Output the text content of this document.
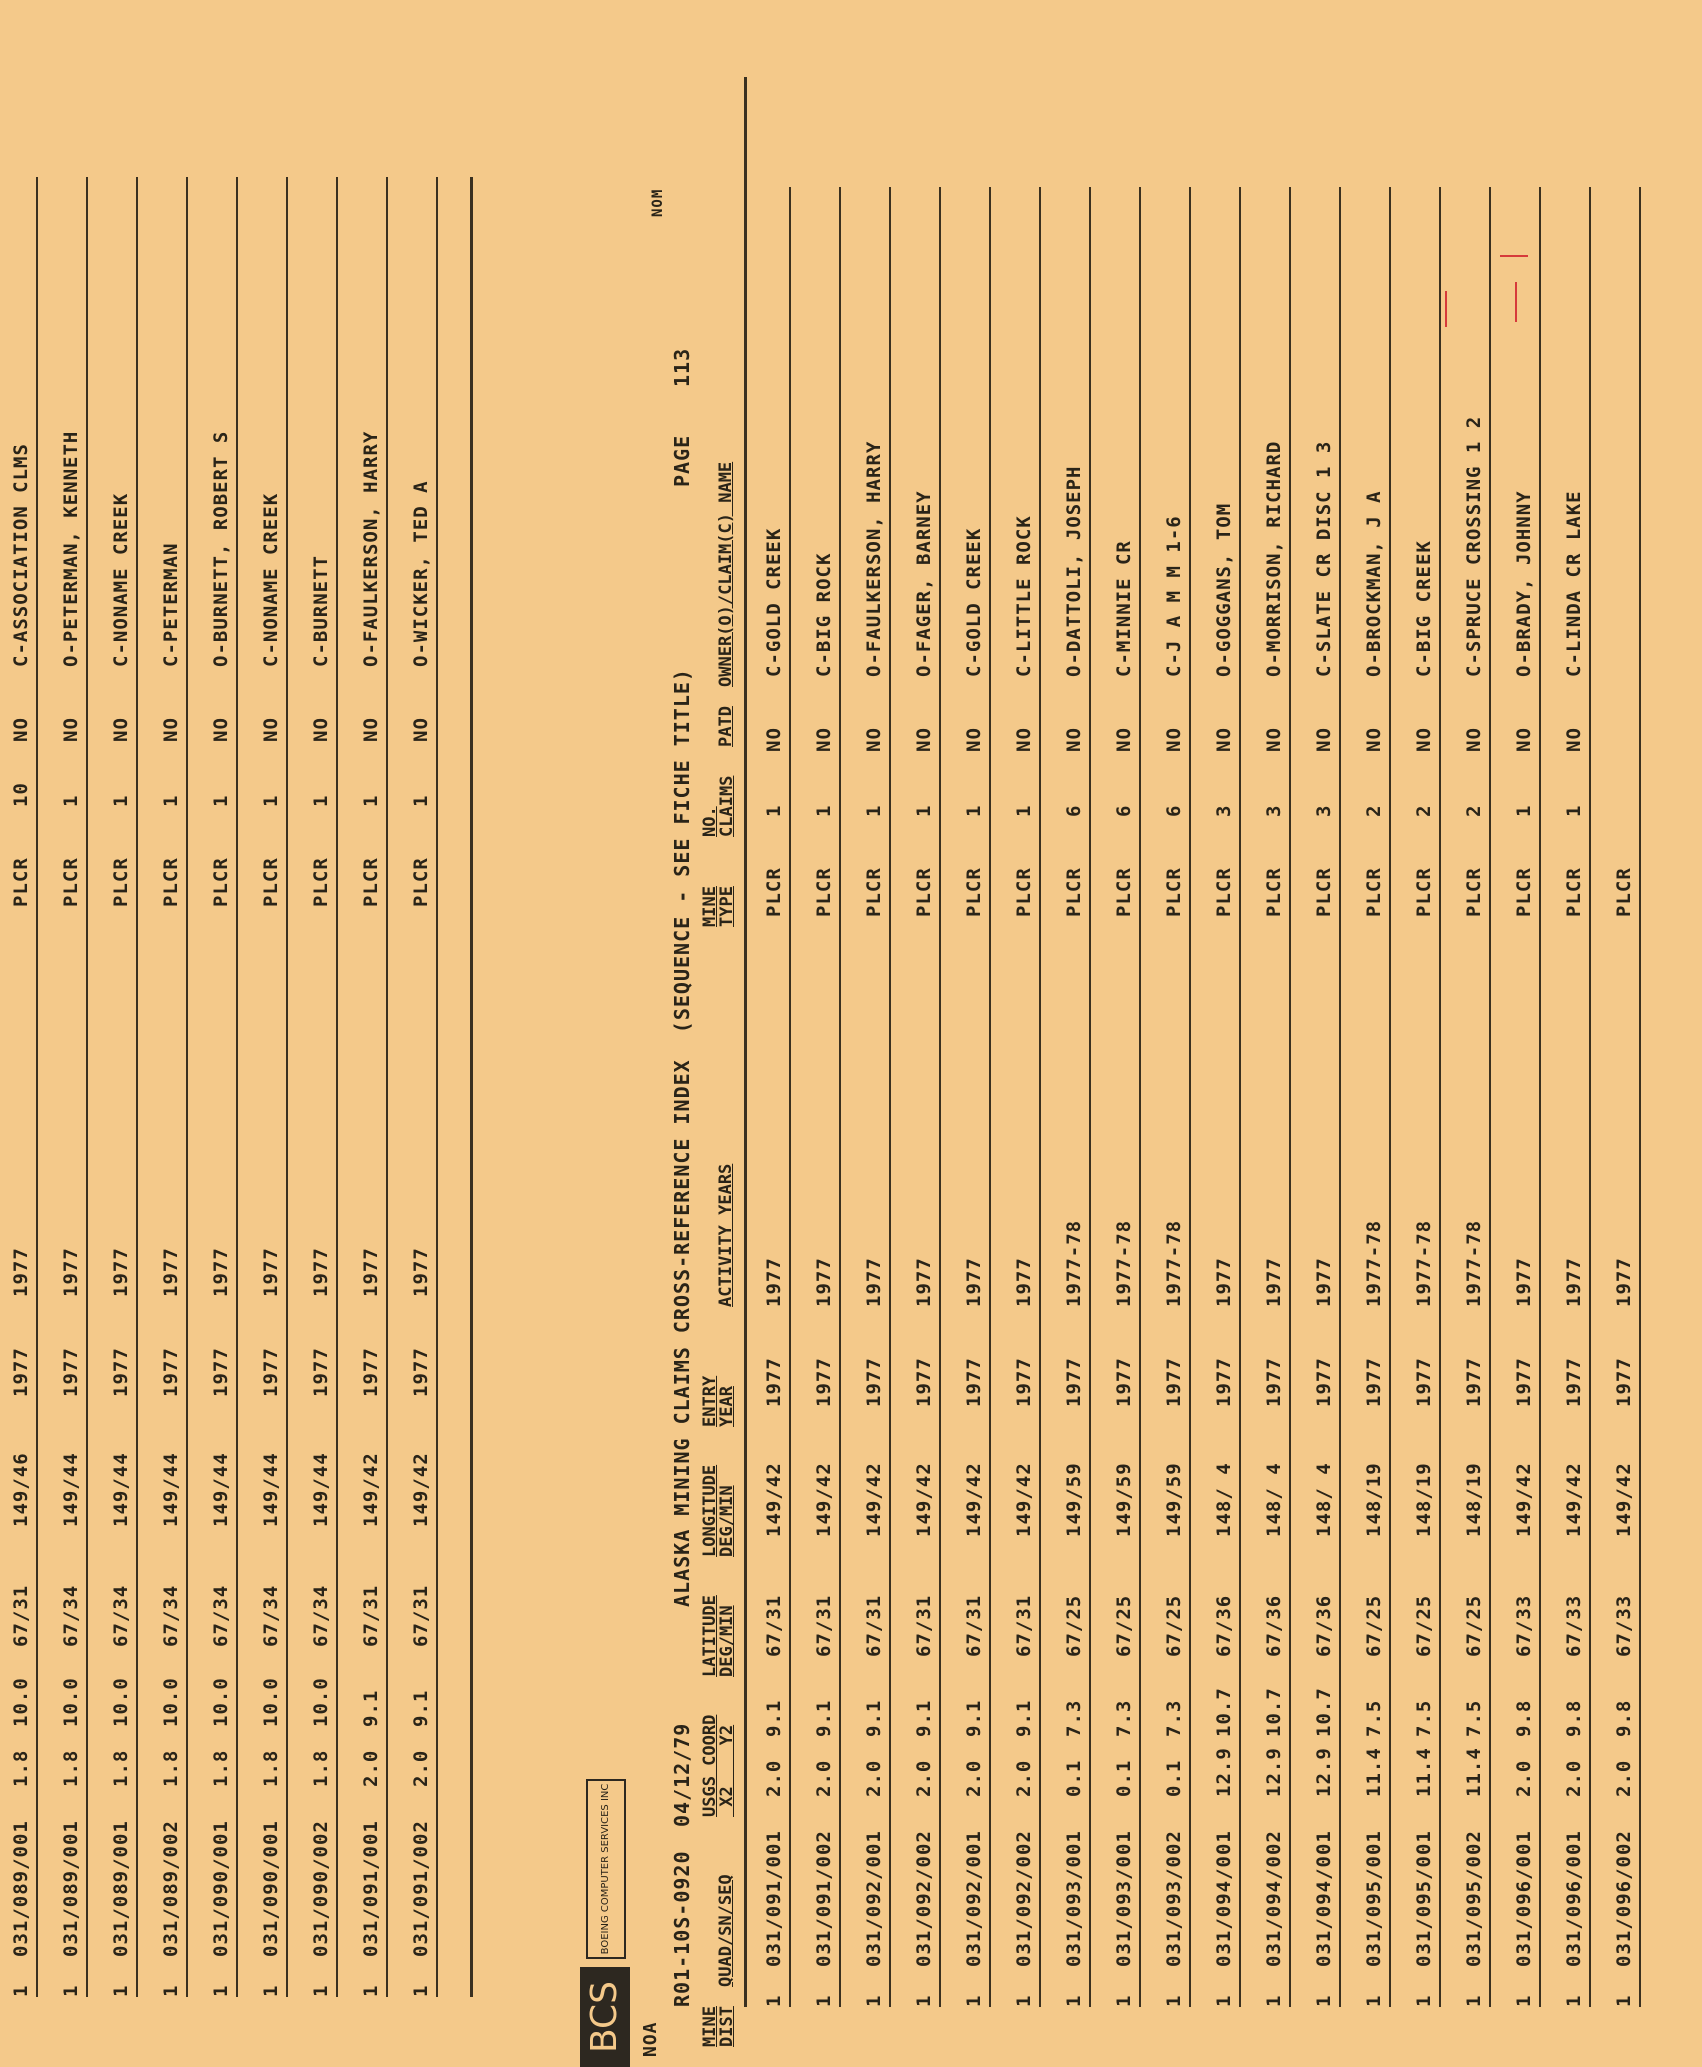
1
031/089/001
1.8
10.0
67/31
149/46
1977
1977
PLCR
10
NO
C-ASSOCIATION CLMS
1
031/089/001
1.8
10.0
67/34
149/44
1977
1977
PLCR
1
NO
O-PETERMAN, KENNETH
1
031/089/001
1.8
10.0
67/34
149/44
1977
1977
PLCR
1
NO
C-NONAME CREEK
1
031/089/002
1.8
10.0
67/34
149/44
1977
1977
PLCR
1
NO
C-PETERMAN
1
031/090/001
1.8
10.0
67/34
149/44
1977
1977
PLCR
1
NO
O-BURNETT, ROBERT S
1
031/090/001
1.8
10.0
67/34
149/44
1977
1977
PLCR
1
NO
C-NONAME CREEK
1
031/090/002
1.8
10.0
67/34
149/44
1977
1977
PLCR
1
NO
C-BURNETT
1
031/091/001
2.0
9.1
67/31
149/42
1977
1977
PLCR
1
NO
O-FAULKERSON, HARRY
1
031/091/002
2.0
9.1
67/31
149/42
1977
1977
PLCR
1
NO
O-WICKER, TED A
BCS
BOEING COMPUTER SERVICES INC
NOA
R01-10S-0920
04/12/79
ALASKA MINING CLAIMS CROSS-REFERENCE INDEX  (SEQUENCE - SEE FICHE TITLE)
PAGE
113
NOM
MINE
DIST
QUAD/SN/SEQ
USGS COORD
X2    Y2
LATITUDE
DEG/MIN
LONGITUDE
DEG/MIN
ENTRY
YEAR
ACTIVITY YEARS
MINE
TYPE
NO.
CLAIMS
PATD
OWNER(O)/CLAIM(C) NAME
1
031/091/001
2.0
9.1
67/31
149/42
1977
1977
PLCR
1
NO
C-GOLD CREEK
1
031/091/002
2.0
9.1
67/31
149/42
1977
1977
PLCR
1
NO
C-BIG ROCK
1
031/092/001
2.0
9.1
67/31
149/42
1977
1977
PLCR
1
NO
O-FAULKERSON, HARRY
1
031/092/002
2.0
9.1
67/31
149/42
1977
1977
PLCR
1
NO
O-FAGER, BARNEY
1
031/092/001
2.0
9.1
67/31
149/42
1977
1977
PLCR
1
NO
C-GOLD CREEK
1
031/092/002
2.0
9.1
67/31
149/42
1977
1977
PLCR
1
NO
C-LITTLE ROCK
1
031/093/001
0.1
7.3
67/25
149/59
1977
1977-78
PLCR
6
NO
O-DATTOLI, JOSEPH
1
031/093/001
0.1
7.3
67/25
149/59
1977
1977-78
PLCR
6
NO
C-MINNIE CR
1
031/093/002
0.1
7.3
67/25
149/59
1977
1977-78
PLCR
6
NO
C-J A M M 1-6
1
031/094/001
12.9
10.7
67/36
148/ 4
1977
1977
PLCR
3
NO
O-GOGGANS, TOM
1
031/094/002
12.9
10.7
67/36
148/ 4
1977
1977
PLCR
3
NO
O-MORRISON, RICHARD
1
031/094/001
12.9
10.7
67/36
148/ 4
1977
1977
PLCR
3
NO
C-SLATE CR DISC 1 3
1
031/095/001
11.4
7.5
67/25
148/19
1977
1977-78
PLCR
2
NO
O-BROCKMAN, J A
1
031/095/001
11.4
7.5
67/25
148/19
1977
1977-78
PLCR
2
NO
C-BIG CREEK
1
031/095/002
11.4
7.5
67/25
148/19
1977
1977-78
PLCR
2
NO
C-SPRUCE CROSSING 1 2
1
031/096/001
2.0
9.8
67/33
149/42
1977
1977
PLCR
1
NO
O-BRADY, JOHNNY
1
031/096/001
2.0
9.8
67/33
149/42
1977
1977
PLCR
1
NO
C-LINDA CR LAKE
1
031/096/002
2.0
9.8
67/33
149/42
1977
1977
PLCR
